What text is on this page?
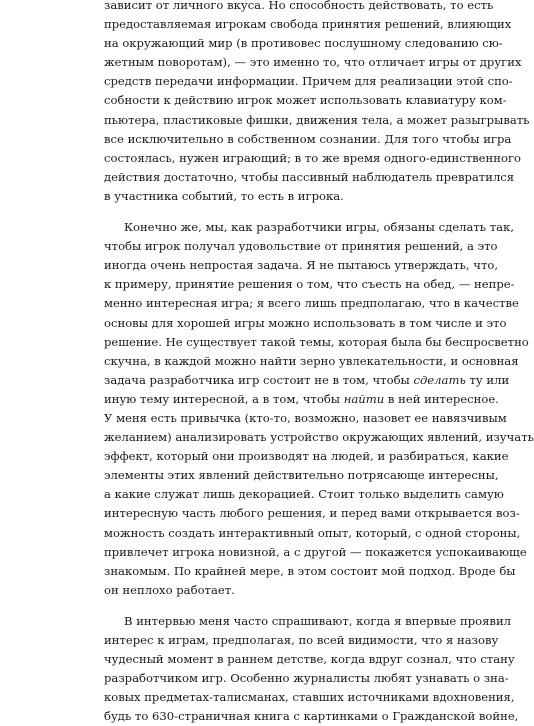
зависит от личного вкуса. Но способность действовать, то есть
предоставляемая игрокам свобода принятия решений, влияющих
на окружающий мир (в противовес послушному следованию сю-
жетным поворотам), — это именно то, что отличает игры от других
средств передачи информации. Причем для реализации этой спо-
собности к действию игрок может использовать клавиатуру ком-
пьютера, пластиковые фишки, движения тела, а может разыгрывать
все исключительно в собственном сознании. Для того чтобы игра
состоялась, нужен играющий; в то же время одного-единственного
действия достаточно, чтобы пассивный наблюдатель превратился
в участника событий, то есть в игрока.
Конечно же, мы, как разработчики игры, обязаны сделать так,
чтобы игрок получал удовольствие от принятия решений, а это
иногда очень непростая задача. Я не пытаюсь утверждать, что,
к примеру, принятие решения о том, что съесть на обед, — непре-
менно интересная игра; я всего лишь предполагаю, что в качестве
основы для хорошей игры можно использовать в том числе и это
решение. Не существует такой темы, которая была бы беспросветно
скучна, в каждой можно найти зерно увлекательности, и основная
задача разработчика игр состоит не в том, чтобы сделать ту или
иную тему интересной, а в том, чтобы найти в ней интересное.
У меня есть привычка (кто-то, возможно, назовет ее навязчивым
желанием) анализировать устройство окружающих явлений, изучать
эффект, который они производят на людей, и разбираться, какие
элементы этих явлений действительно потрясающе интересны,
а какие служат лишь декорацией. Стоит только выделить самую
интересную часть любого решения, и перед вами открывается воз-
можность создать интерактивный опыт, который, с одной стороны,
привлечет игрока новизной, а с другой — покажется успокаивающе
знакомым. По крайней мере, в этом состоит мой подход. Вроде бы
он неплохо работает.
В интервью меня часто спрашивают, когда я впервые проявил
интерес к играм, предполагая, по всей видимости, что я назову
чудесный момент в раннем детстве, когда вдруг сознал, что стану
разработчиком игр. Особенно журналисты любят узнавать о зна-
ковых предметах-талисманах, ставших источниками вдохновения,
будь то 630-страничная книга с картинками о Гражданской войне,
